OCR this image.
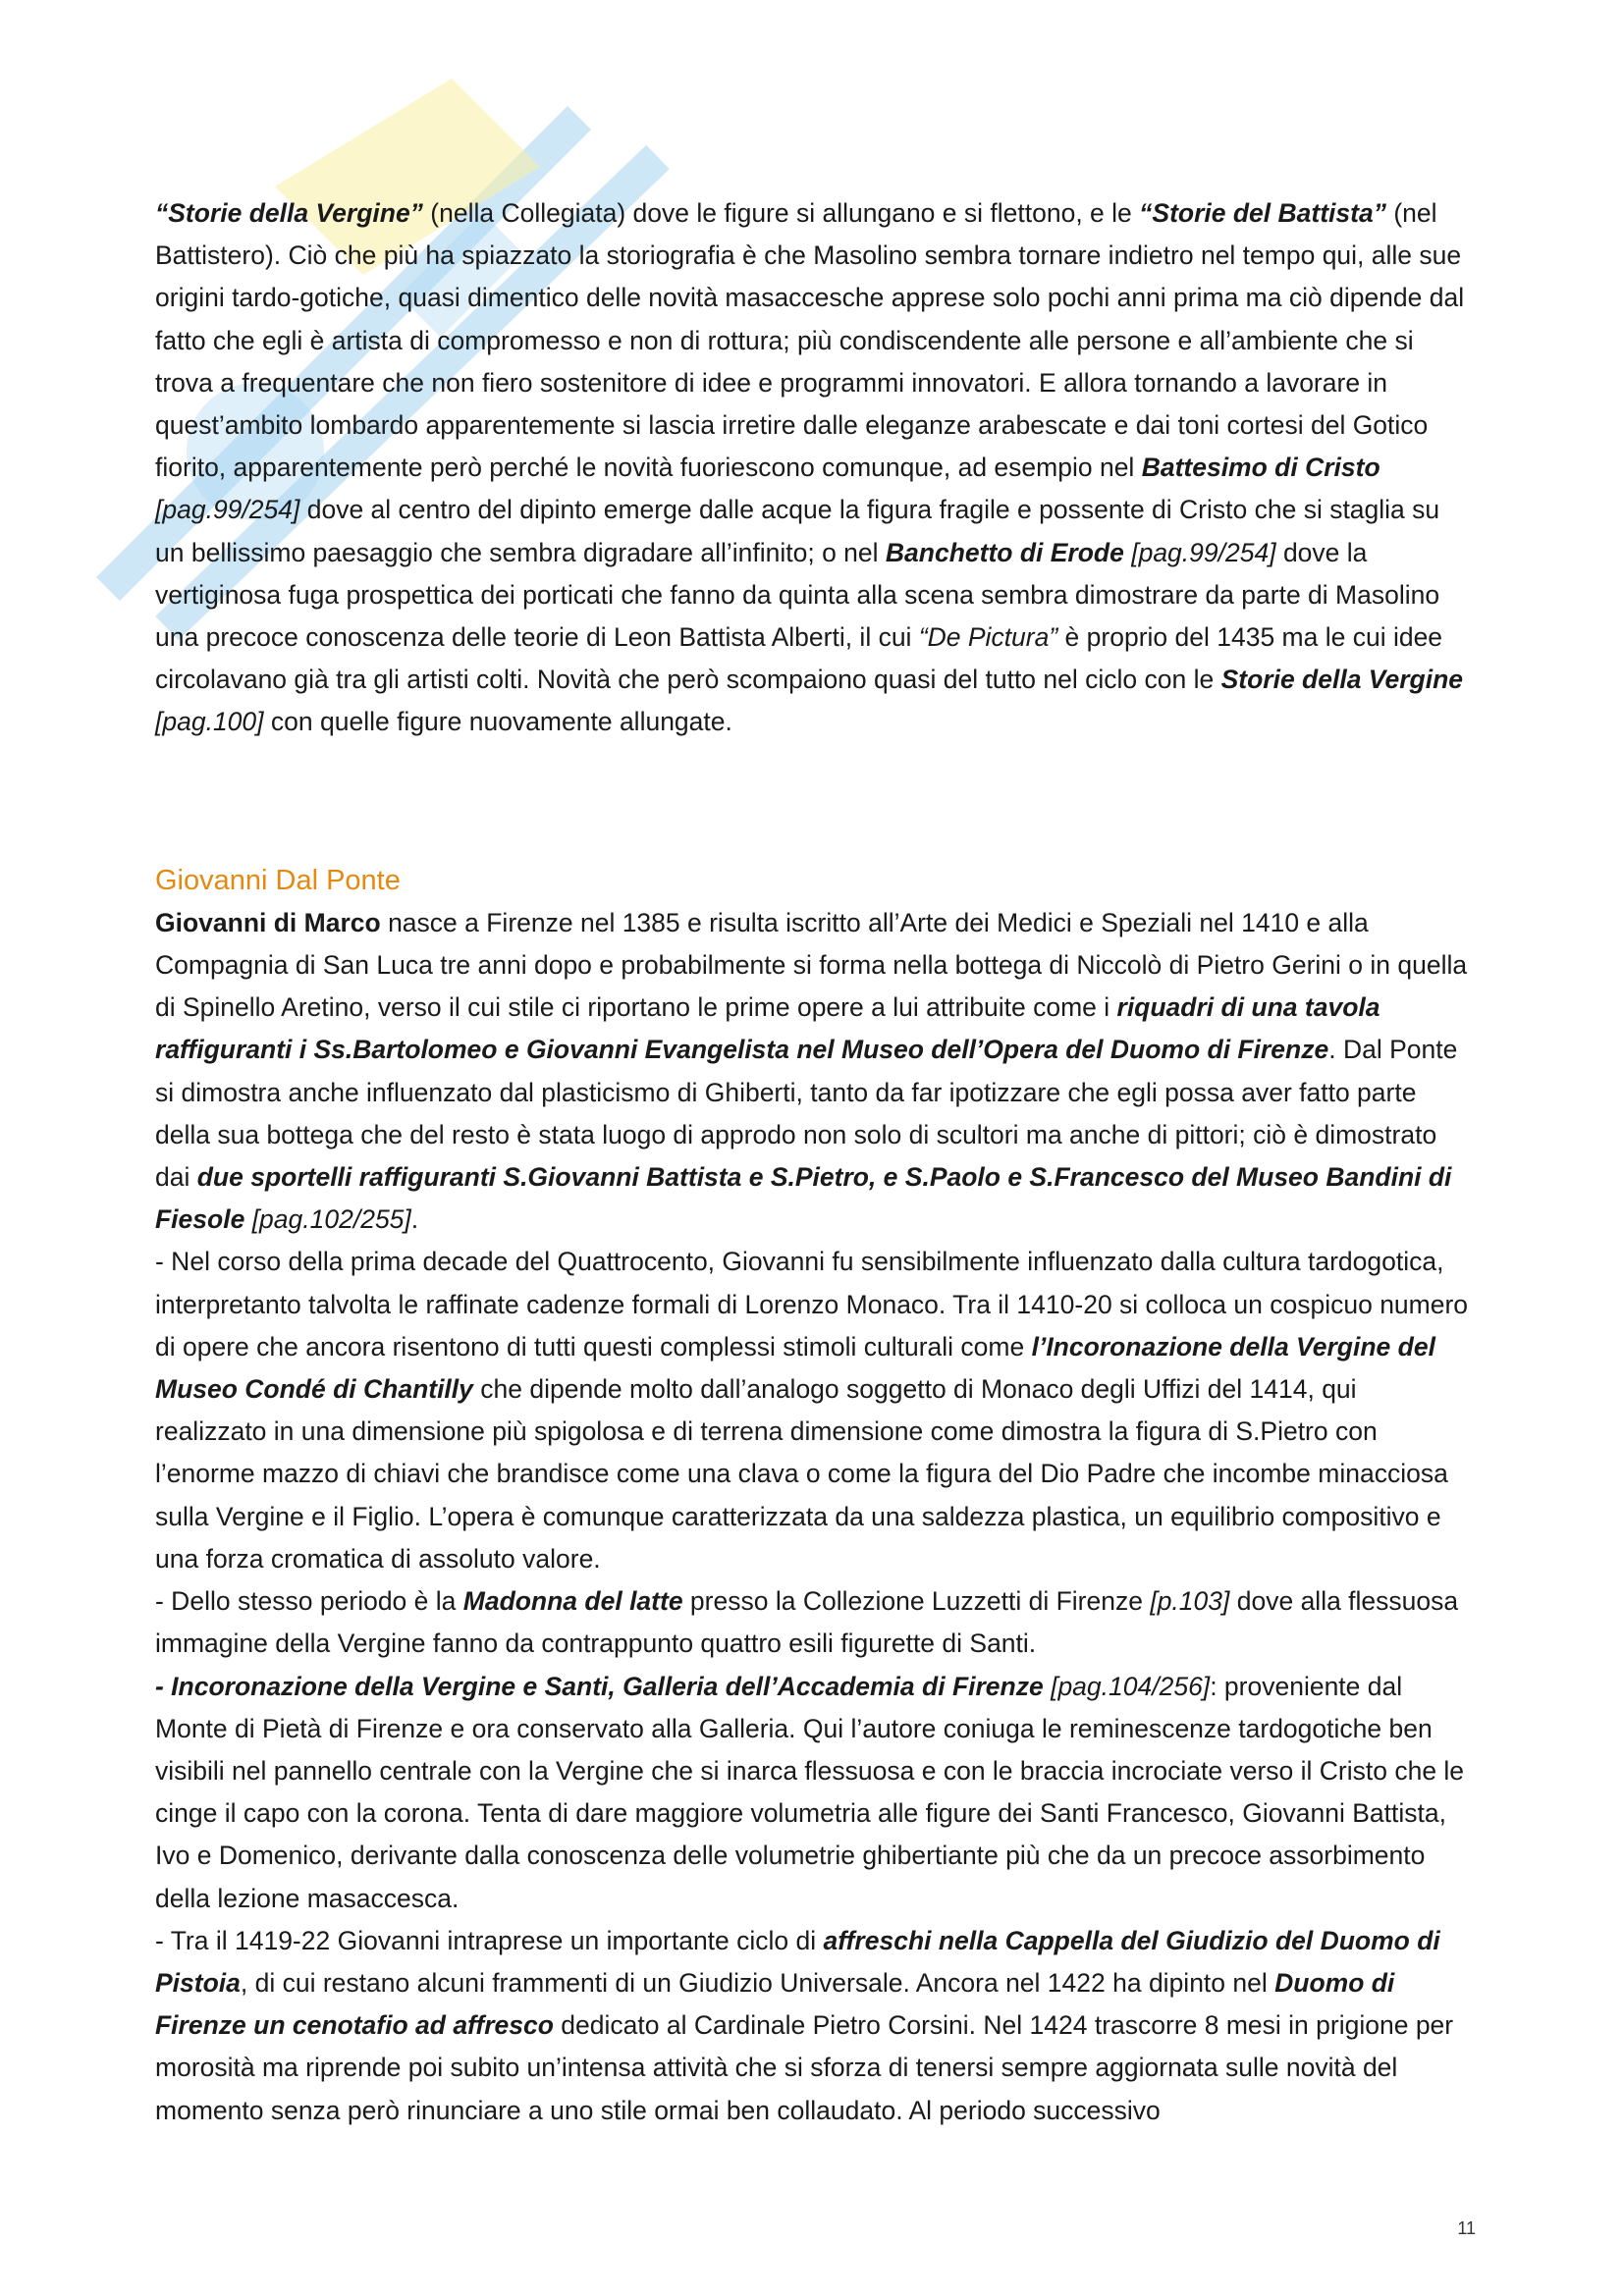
“Storie della Vergine” (nella Collegiata) dove le figure si allungano e si flettono, e le “Storie del Battista” (nel Battistero). Ciò che più ha spiazzato la storiografia è che Masolino sembra tornare indietro nel tempo qui, alle sue origini tardo-gotiche, quasi dimentico delle novità masaccesche apprese solo pochi anni prima ma ciò dipende dal fatto che egli è artista di compromesso e non di rottura; più condiscendente alle persone e all’ambiente che si trova a frequentare che non fiero sostenitore di idee e programmi innovatori. E allora tornando a lavorare in quest’ambito lombardo apparentemente si lascia irretire dalle eleganze arabescate e dai toni cortesi del Gotico fiorito, apparentemente però perché le novità fuoriescono comunque, ad esempio nel Battesimo di Cristo [pag.99/254] dove al centro del dipinto emerge dalle acque la figura fragile e possente di Cristo che si staglia su un bellissimo paesaggio che sembra digradare all’infinito; o nel Banchetto di Erode [pag.99/254] dove la vertiginosa fuga prospettica dei porticati che fanno da quinta alla scena sembra dimostrare da parte di Masolino una precoce conoscenza delle teorie di Leon Battista Alberti, il cui “De Pictura” è proprio del 1435 ma le cui idee circolavano già tra gli artisti colti. Novità che però scompaiono quasi del tutto nel ciclo con le Storie della Vergine [pag.100] con quelle figure nuovamente allungate.

Giovanni Dal Ponte

Giovanni di Marco nasce a Firenze nel 1385 e risulta iscritto all’Arte dei Medici e Speziali nel 1410 e alla Compagnia di San Luca tre anni dopo e probabilmente si forma nella bottega di Niccolò di Pietro Gerini o in quella di Spinello Aretino, verso il cui stile ci riportano le prime opere a lui attribuite come i riquadri di una tavola raffiguranti i Ss.Bartolomeo e Giovanni Evangelista nel Museo dell’Opera del Duomo di Firenze. Dal Ponte si dimostra anche influenzato dal plasticismo di Ghiberti, tanto da far ipotizzare che egli possa aver fatto parte della sua bottega che del resto è stata luogo di approdo non solo di scultori ma anche di pittori; ciò è dimostrato dai due sportelli raffiguranti S.Giovanni Battista e S.Pietro, e S.Paolo e S.Francesco del Museo Bandini di Fiesole [pag.102/255].

- Nel corso della prima decade del Quattrocento, Giovanni fu sensibilmente influenzato dalla cultura tardogotica, interpretanto talvolta le raffinate cadenze formali di Lorenzo Monaco. Tra il 1410-20 si colloca un cospicuo numero di opere che ancora risentono di tutti questi complessi stimoli culturali come l’Incoronazione della Vergine del Museo Condé di Chantilly che dipende molto dall’analogo soggetto di Monaco degli Uffizi del 1414, qui realizzato in una dimensione più spigolosa e di terrena dimensione come dimostra la figura di S.Pietro con l’enorme mazzo di chiavi che brandisce come una clava o come la figura del Dio Padre che incombe minacciosa sulla Vergine e il Figlio. L’opera è comunque caratterizzata da una saldezza plastica, un equilibrio compositivo e una forza cromatica di assoluto valore.

- Dello stesso periodo è la Madonna del latte presso la Collezione Luzzetti di Firenze [p.103] dove alla flessuosa immagine della Vergine fanno da contrappunto quattro esili figurette di Santi.

- Incoronazione della Vergine e Santi, Galleria dell’Accademia di Firenze [pag.104/256]: proveniente dal Monte di Pietà di Firenze e ora conservato alla Galleria. Qui l’autore coniuga le reminescenze tardogotiche ben visibili nel pannello centrale con la Vergine che si inarca flessuosa e con le braccia incrociate verso il Cristo che le cinge il capo con la corona. Tenta di dare maggiore volumetria alle figure dei Santi Francesco, Giovanni Battista, Ivo e Domenico, derivante dalla conoscenza delle volumetrie ghibertiante più che da un precoce assorbimento della lezione masaccesca.

- Tra il 1419-22 Giovanni intraprese un importante ciclo di affreschi nella Cappella del Giudizio del Duomo di Pistoia, di cui restano alcuni frammenti di un Giudizio Universale. Ancora nel 1422 ha dipinto nel Duomo di Firenze un cenotafio ad affresco dedicato al Cardinale Pietro Corsini. Nel 1424 trascorre 8 mesi in prigione per morosità ma riprende poi subito un’intensa attività che si sforza di tenersi sempre aggiornata sulle novità del momento senza però rinunciare a uno stile ormai ben collaudato. Al periodo successivo

11
